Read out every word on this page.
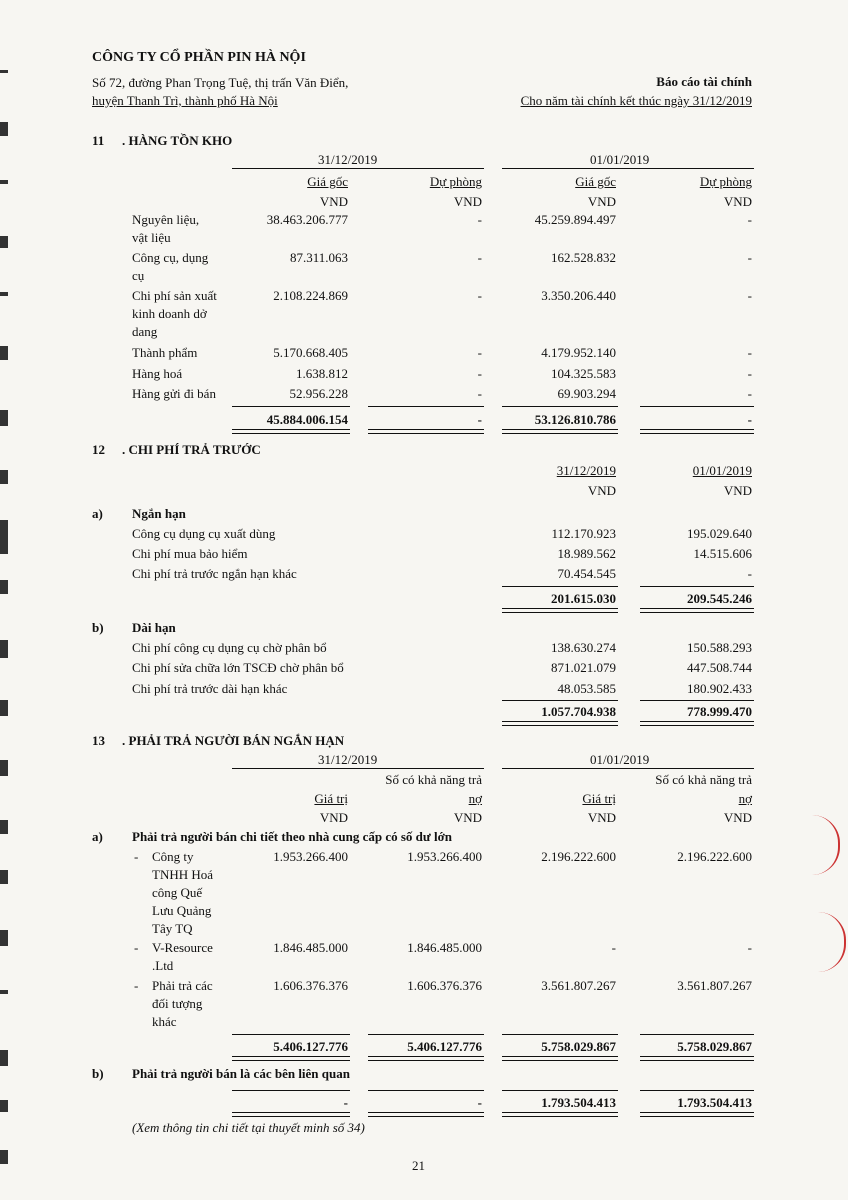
CÔNG TY CỔ PHẦN PIN HÀ NỘI
Số 72, đường Phan Trọng Tuệ, thị trấn Văn Điển,
huyện Thanh Trì, thành phố Hà Nội
Báo cáo tài chính
Cho năm tài chính kết thúc ngày 31/12/2019
11 . HÀNG TỒN KHO
31/12/2019	01/01/2019
Giá gốc	Dự phòng	Giá gốc	Dự phòng
VND	VND	VND	VND
Nguyên liệu,
vật liệu
38.463.206.777	-	45.259.894.497	-
Công cụ, dụng
cụ
87.311.063	-	162.528.832	-
Chi phí sản xuất
kinh doanh dở
dang
2.108.224.869	-	3.350.206.440	-
Thành phẩm	5.170.668.405	-	4.179.952.140	-
Hàng hoá	1.638.812	-	104.325.583	-
Hàng gửi đi bán	52.956.228	-	69.903.294	-
45.884.006.154	-	53.126.810.786	-
12 . CHI PHÍ TRẢ TRƯỚC
31/12/2019	01/01/2019
VND	VND
a) Ngắn hạn
Công cụ dụng cụ xuất dùng	112.170.923	195.029.640
Chi phí mua bảo hiểm	18.989.562	14.515.606
Chi phí trả trước ngắn hạn khác	70.454.545	-
201.615.030	209.545.246
b) Dài hạn
Chi phí công cụ dụng cụ chờ phân bổ	138.630.274	150.588.293
Chi phí sửa chữa lớn TSCĐ chờ phân bổ	871.021.079	447.508.744
Chi phí trả trước dài hạn khác	48.053.585	180.902.433
1.057.704.938	778.999.470
13 . PHẢI TRẢ NGƯỜI BÁN NGẮN HẠN
31/12/2019	01/01/2019
Số có khả năng trả	Số có khả năng trả
Giá trị	nợ	Giá trị	nợ
VND	VND	VND	VND
a) Phải trả người bán chi tiết theo nhà cung cấp có số dư lớn
- Công ty
TNHH Hoá
công Quế
Lưu Quảng
Tây TQ
1.953.266.400	1.953.266.400	2.196.222.600	2.196.222.600
- V-Resource
.Ltd
1.846.485.000	1.846.485.000	-	-
- Phải trả các
đối tượng
khác
1.606.376.376	1.606.376.376	3.561.807.267	3.561.807.267
5.406.127.776	5.406.127.776	5.758.029.867	5.758.029.867
b) Phải trả người bán là các bên liên quan
-	-	1.793.504.413	1.793.504.413
(Xem thông tin chi tiết tại thuyết minh số 34)
21
